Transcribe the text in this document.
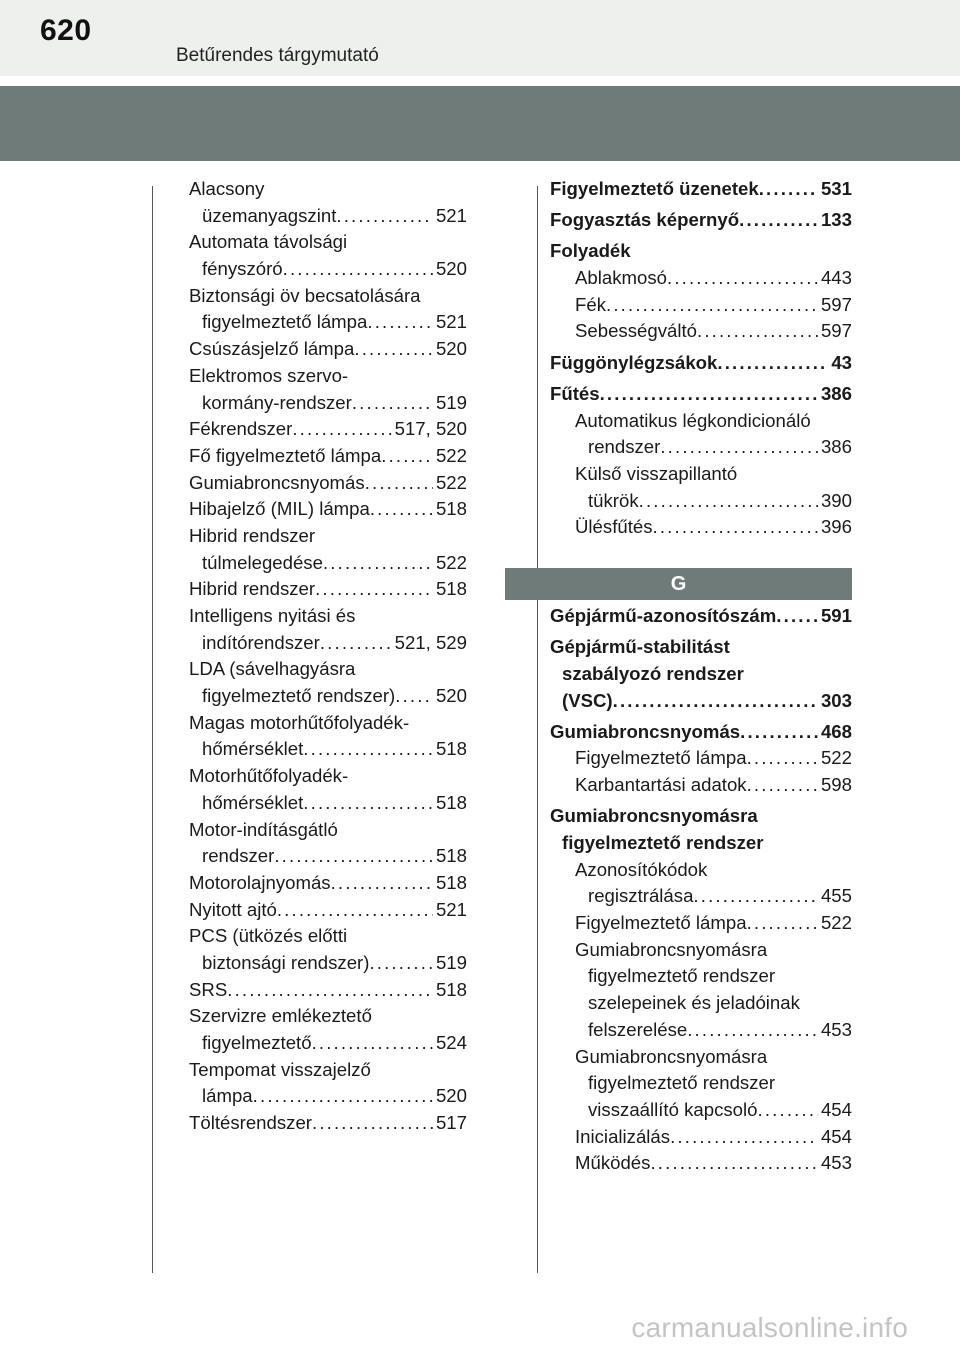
620
Betűrendes tárgymutató
Alacsony
üzemanyagszint . . .	521
Automata távolsági
fényszóró . . .	520
Biztonsági öv becsatolására
figyelmeztető lámpa . . .	521
Csúszásjelző lámpa . . .	520
Elektromos szervo-
kormány-rendszer . . .	519
Fékrendszer . . .	517, 520
Fő figyelmeztető lámpa . . .	522
Gumiabroncsnyomás . . .	522
Hibajelző (MIL) lámpa . . .	518
Hibrid rendszer
túlmelegedése . . .	522
Hibrid rendszer . . .	518
Intelligens nyitási és
indítórendszer . . .	521, 529
LDA (sávelhagyásra
figyelmeztető rendszer) . . . 520
Magas motorhűtőfolyadék-
hőmérséklet . . .	518
Motorhűtőfolyadék-
hőmérséklet . . .	518
Motor-indításgátló
rendszer . . .	518
Motorolajnyomás . . .	518
Nyitott ajtó . . .	521
PCS (ütközés előtti
biztonsági rendszer) . . .	519
SRS . . .	518
Szervizre emlékeztető
figyelmeztető . . .	524
Tempomat visszajelző
lámpa . . .	520
Töltésrendszer . . .	517
Figyelmeztető üzenetek . . .	531
Fogyasztás képernyő . . .	133
Folyadék
Ablakmosó . . .	443
Fék . . .	597
Sebességváltó . . .	597
Függönylégzsákok . . .	43
Fűtés . . .	386
Automatikus légkondicionáló
rendszer . . .	386
Külső visszapillantó
tükrök . . .	390
Ülésfűtés . . .	396
G
Gépjármű-azonosítószám . . . 591
Gépjármű-stabilitást
szabályozó rendszer
(VSC) . . .	303
Gumiabroncsnyomás . . .	468
Figyelmeztető lámpa . . .	522
Karbantartási adatok . . .	598
Gumiabroncsnyomásra
figyelmeztető rendszer
Azonosítókódok
regisztrálása . . .	455
Figyelmeztető lámpa . . .	522
Gumiabroncsnyomásra
figyelmeztető rendszer
szelepeinek és jeladóinak
felszerelése . . .	453
Gumiabroncsnyomásra
figyelmeztető rendszer
visszaállító kapcsoló . . .	454
Inicializálás . . .	454
Működés . . .	453
carmanualsonline.info
